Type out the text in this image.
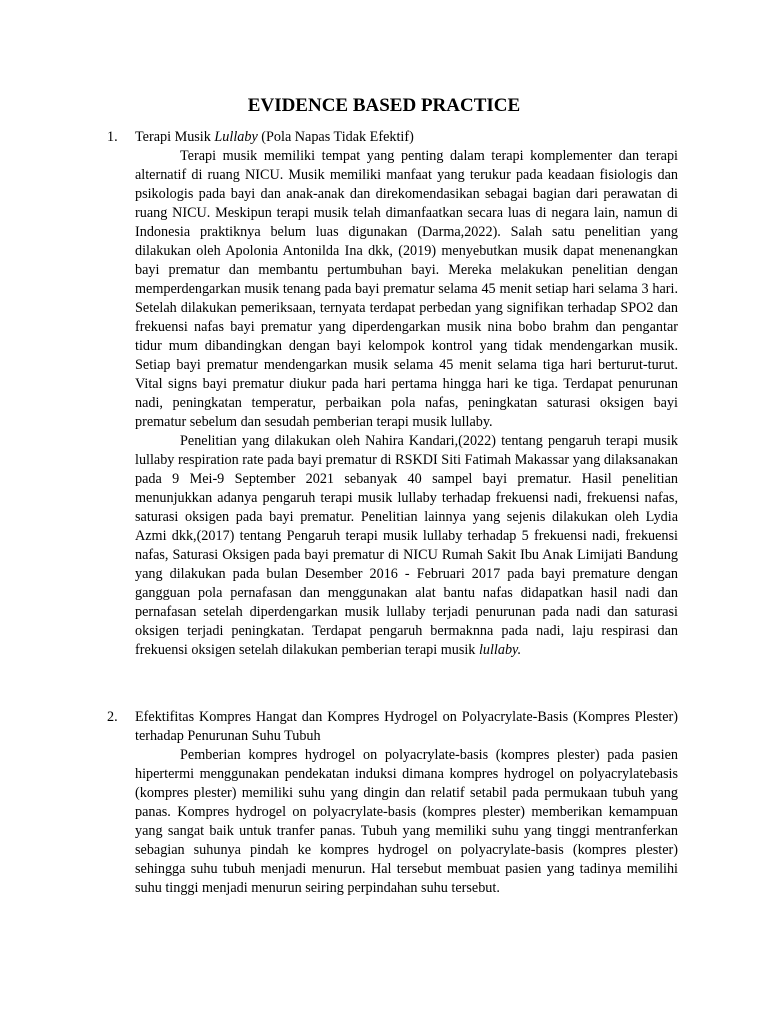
EVIDENCE BASED PRACTICE
1. Terapi Musik Lullaby (Pola Napas Tidak Efektif)

Terapi musik memiliki tempat yang penting dalam terapi komplementer dan terapi alternatif di ruang NICU. Musik memiliki manfaat yang terukur pada keadaan fisiologis dan psikologis pada bayi dan anak-anak dan direkomendasikan sebagai bagian dari perawatan di ruang NICU. Meskipun terapi musik telah dimanfaatkan secara luas di negara lain, namun di Indonesia praktiknya belum luas digunakan (Darma,2022). Salah satu penelitian yang dilakukan oleh Apolonia Antonilda Ina dkk, (2019) menyebutkan musik dapat menenangkan bayi prematur dan membantu pertumbuhan bayi. Mereka melakukan penelitian dengan memperdengarkan musik tenang pada bayi prematur selama 45 menit setiap hari selama 3 hari. Setelah dilakukan pemeriksaan, ternyata terdapat perbedan yang signifikan terhadap SPO2 dan frekuensi nafas bayi prematur yang diperdengarkan musik nina bobo brahm dan pengantar tidur mum dibandingkan dengan bayi kelompok kontrol yang tidak mendengarkan musik. Setiap bayi prematur mendengarkan musik selama 45 menit selama tiga hari berturut-turut. Vital signs bayi prematur diukur pada hari pertama hingga hari ke tiga. Terdapat penurunan nadi, peningkatan temperatur, perbaikan pola nafas, peningkatan saturasi oksigen bayi prematur sebelum dan sesudah pemberian terapi musik lullaby.

Penelitian yang dilakukan oleh Nahira Kandari,(2022) tentang pengaruh terapi musik lullaby respiration rate pada bayi prematur di RSKDI Siti Fatimah Makassar yang dilaksanakan pada 9 Mei-9 September 2021 sebanyak 40 sampel bayi prematur. Hasil penelitian menunjukkan adanya pengaruh terapi musik lullaby terhadap frekuensi nadi, frekuensi nafas, saturasi oksigen pada bayi prematur. Penelitian lainnya yang sejenis dilakukan oleh Lydia Azmi dkk,(2017) tentang Pengaruh terapi musik lullaby terhadap 5 frekuensi nadi, frekuensi nafas, Saturasi Oksigen pada bayi prematur di NICU Rumah Sakit Ibu Anak Limijati Bandung yang dilakukan pada bulan Desember 2016 - Februari 2017 pada bayi premature dengan gangguan pola pernafasan dan menggunakan alat bantu nafas didapatkan hasil nadi dan pernafasan setelah diperdengarkan musik lullaby terjadi penurunan pada nadi dan saturasi oksigen terjadi peningkatan. Terdapat pengaruh bermaknna pada nadi, laju respirasi dan frekuensi oksigen setelah dilakukan pemberian terapi musik lullaby.

2. Efektifitas Kompres Hangat dan Kompres Hydrogel on Polyacrylate-Basis (Kompres Plester) terhadap Penurunan Suhu Tubuh

Pemberian kompres hydrogel on polyacrylate-basis (kompres plester) pada pasien hipertermi menggunakan pendekatan induksi dimana kompres hydrogel on polyacrylatebasis (kompres plester) memiliki suhu yang dingin dan relatif setabil pada permukaan tubuh yang panas. Kompres hydrogel on polyacrylate-basis (kompres plester) memberikan kemampuan yang sangat baik untuk tranfer panas. Tubuh yang memiliki suhu yang tinggi mentranferkan sebagian suhunya pindah ke kompres hydrogel on polyacrylate-basis (kompres plester) sehingga suhu tubuh menjadi menurun. Hal tersebut membuat pasien yang tadinya memilihi suhu tinggi menjadi menurun seiring perpindahan suhu tersebut.
